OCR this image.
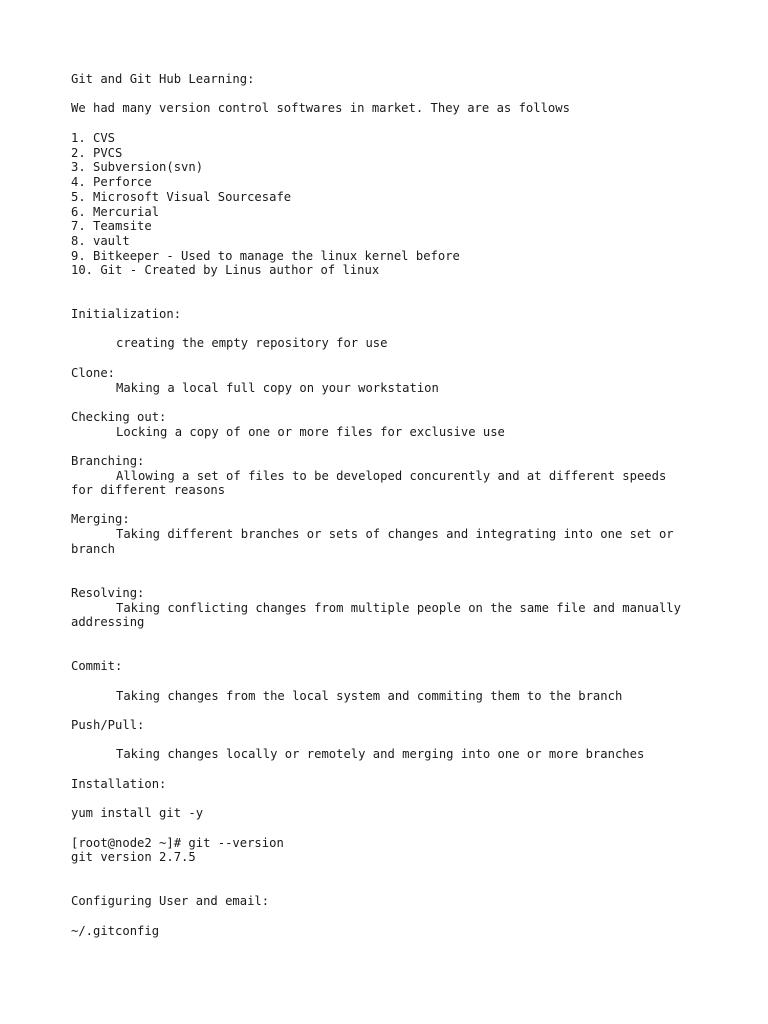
Git and Git Hub Learning:
We had many version control softwares in market. They are as follows
1. CVS
2. PVCS
3. Subversion(svn)
4. Perforce
5. Microsoft Visual Sourcesafe
6. Mercurial
7. Teamsite
8. vault
9. Bitkeeper - Used to manage the linux kernel before
10. Git - Created by Linus author of linux
Initialization:
creating the empty repository for use
Clone:
Making a local full copy on your workstation
Checking out:
Locking a copy of one or more files for exclusive use
Branching:
Allowing a set of files to be developed concurently and at different speeds
for different reasons
Merging:
Taking different branches or sets of changes and integrating into one set or
branch
Resolving:
Taking conflicting changes from multiple people on the same file and manually
addressing
Commit:
Taking changes from the local system and commiting them to the branch
Push/Pull:
Taking changes locally or remotely and merging into one or more branches
Installation:
yum install git -y
[root@node2 ~]# git --version
git version 2.7.5
Configuring User and email:
~/.gitconfig
